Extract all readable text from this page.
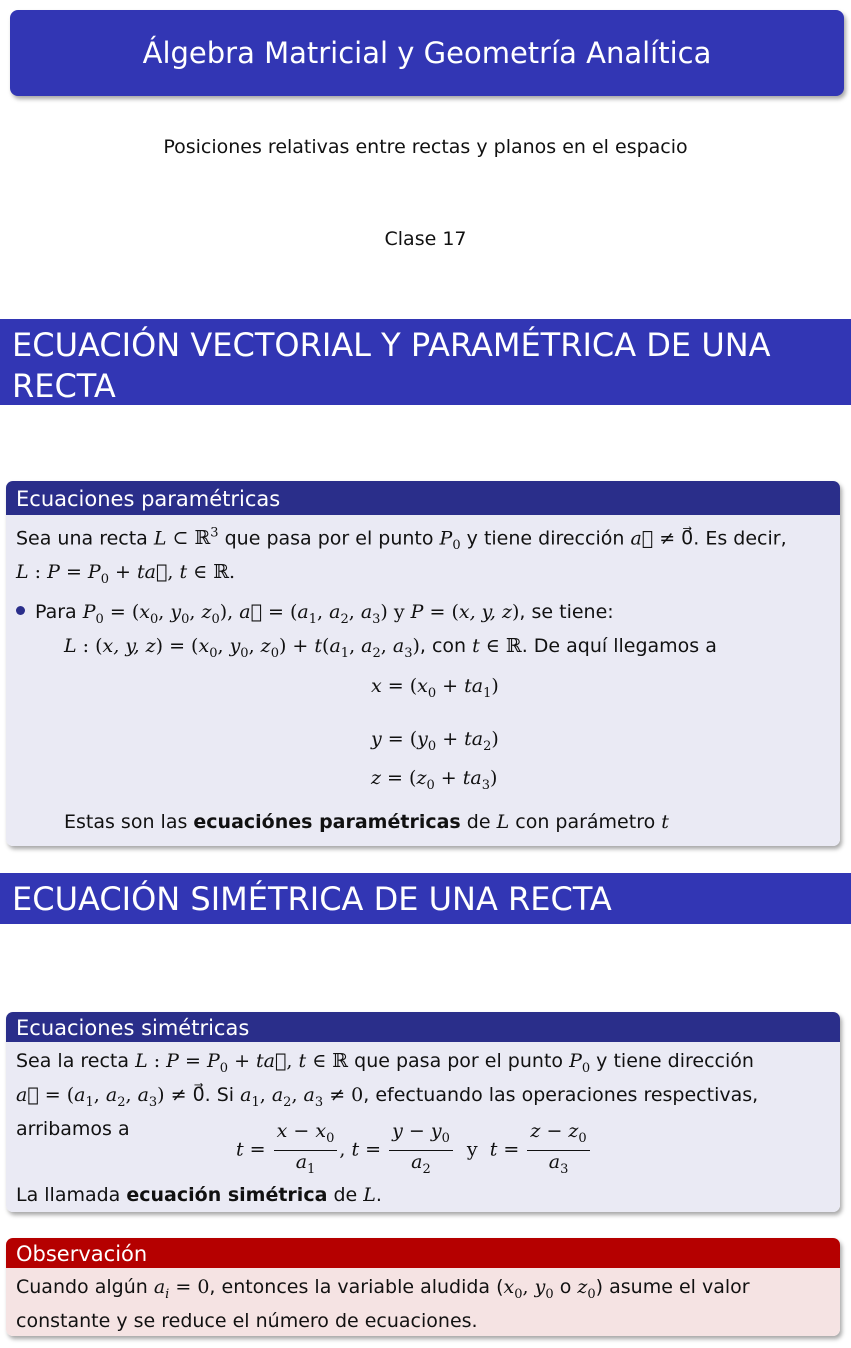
Álgebra Matricial y Geometría Analítica
Posiciones relativas entre rectas y planos en el espacio
Clase 17
ECUACIÓN VECTORIAL Y PARAMÉTRICA DE UNA
RECTA
Ecuaciones paramétricas
Sea una recta L ⊂ ℝ$^3$ que pasa por el punto $P_0$ y tiene dirección a⃗ ≠ 0⃗. Es decir,
L : $P = P_0$ + ta⃗, t ∈ ℝ.
Para $P_0 = (x_0$, $y_0$, $z_0$), a⃗ = ($a_1$, $a_2$, $a_3$) y P = (x, y, z), se tiene:
L : (x, y, $z) = (x_0$, $y_0$, $z_0) + t(a_1$, $a_2$, $a_3$), con t ∈ ℝ. De aquí llegamos a
$x = (x_0 + ta_1)$
$y = (y_0 + ta_2)$
$z = (z_0 + ta_3)$
Estas son las ecuaciónes paramétricas de L con parámetro t
ECUACIÓN SIMÉTRICA DE UNA RECTA
Ecuaciones simétricas
Sea la recta L : $P = P_0$ + ta⃗, t ∈ ℝ que pasa por el punto $P_0$ y tiene dirección
a⃗ = ($a_1$, $a_2$, $a_3$) ≠ 0⃗. Si $a_1$, $a_2$, $a_3 \ne 0$, efectuando las operaciones respectivas,
arribamos a
$t = \frac{x - x_0}{a_1}$ , $t = \frac{y - y_0}{a_2}$ y  $t = \frac{z - z_0}{a_3}$
La llamada ecuación simétrica de L.
Observación
Cuando algún $a_i = 0$, entonces la variable aludida ($x_0$, $y_0$ o $z_0$) asume el valor
constante y se reduce el número de ecuaciones.
